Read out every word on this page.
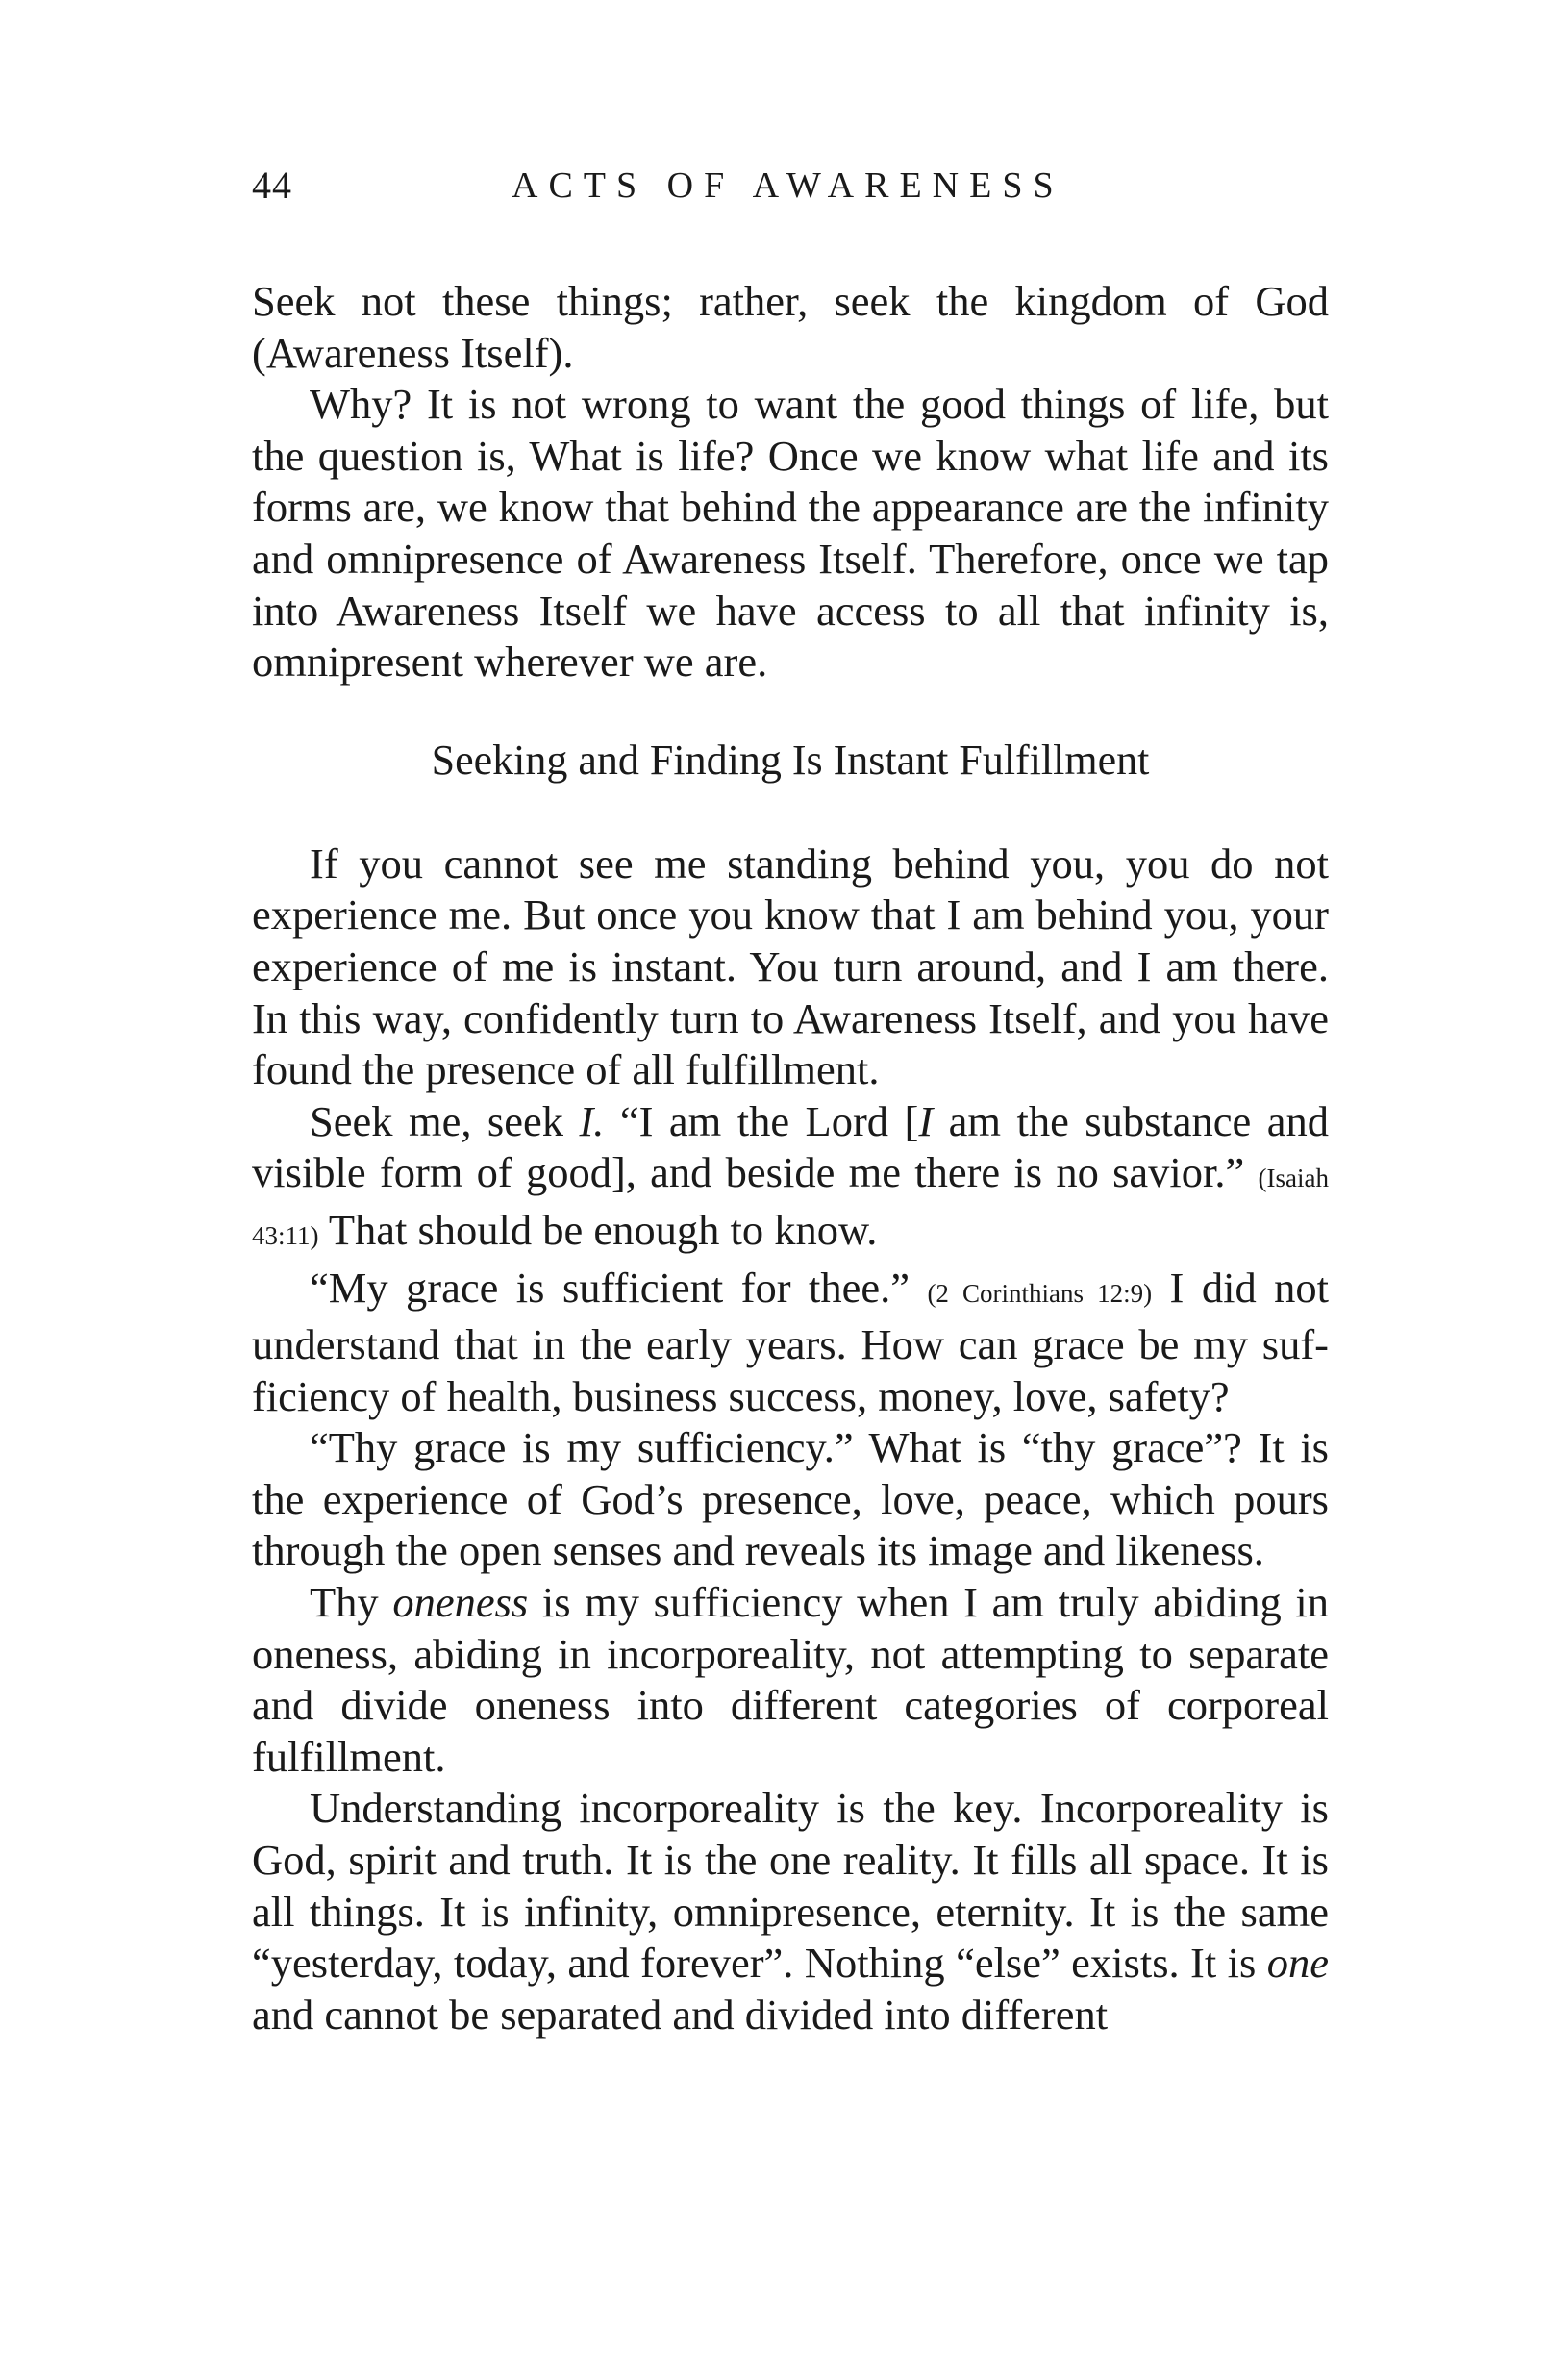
44	ACTS OF AWARENESS

Seek not these things; rather, seek the kingdom of God (Awareness Itself).

Why? It is not wrong to want the good things of life, but the question is, What is life? Once we know what life and its forms are, we know that behind the appearance are the infinity and omnipresence of Awareness Itself. Therefore, once we tap into Awareness Itself we have access to all that infinity is, omnipresent wherever we are.

Seeking and Finding Is Instant Fulfillment

If you cannot see me standing behind you, you do not experience me. But once you know that I am behind you, your experience of me is instant. You turn around, and I am there. In this way, confidently turn to Awareness Itself, and you have found the presence of all fulfillment.

Seek me, seek I. “I am the Lord [I am the substance and visible form of good], and beside me there is no savior.” (Isaiah 43:11) That should be enough to know.

“My grace is sufficient for thee.” (2 Corinthians 12:9) I did not understand that in the early years. How can grace be my sufficiency of health, business success, money, love, safety?

“Thy grace is my sufficiency.” What is “thy grace”? It is the experience of God’s presence, love, peace, which pours through the open senses and reveals its image and likeness.

Thy oneness is my sufficiency when I am truly abiding in oneness, abiding in incorporeality, not attempting to separate and divide oneness into different categories of corporeal fulfillment.

Understanding incorporeality is the key. Incorporeality is God, spirit and truth. It is the one reality. It fills all space. It is all things. It is infinity, omnipresence, eternity. It is the same “yesterday, today, and forever”. Nothing “else” exists. It is one and cannot be separated and divided into different
